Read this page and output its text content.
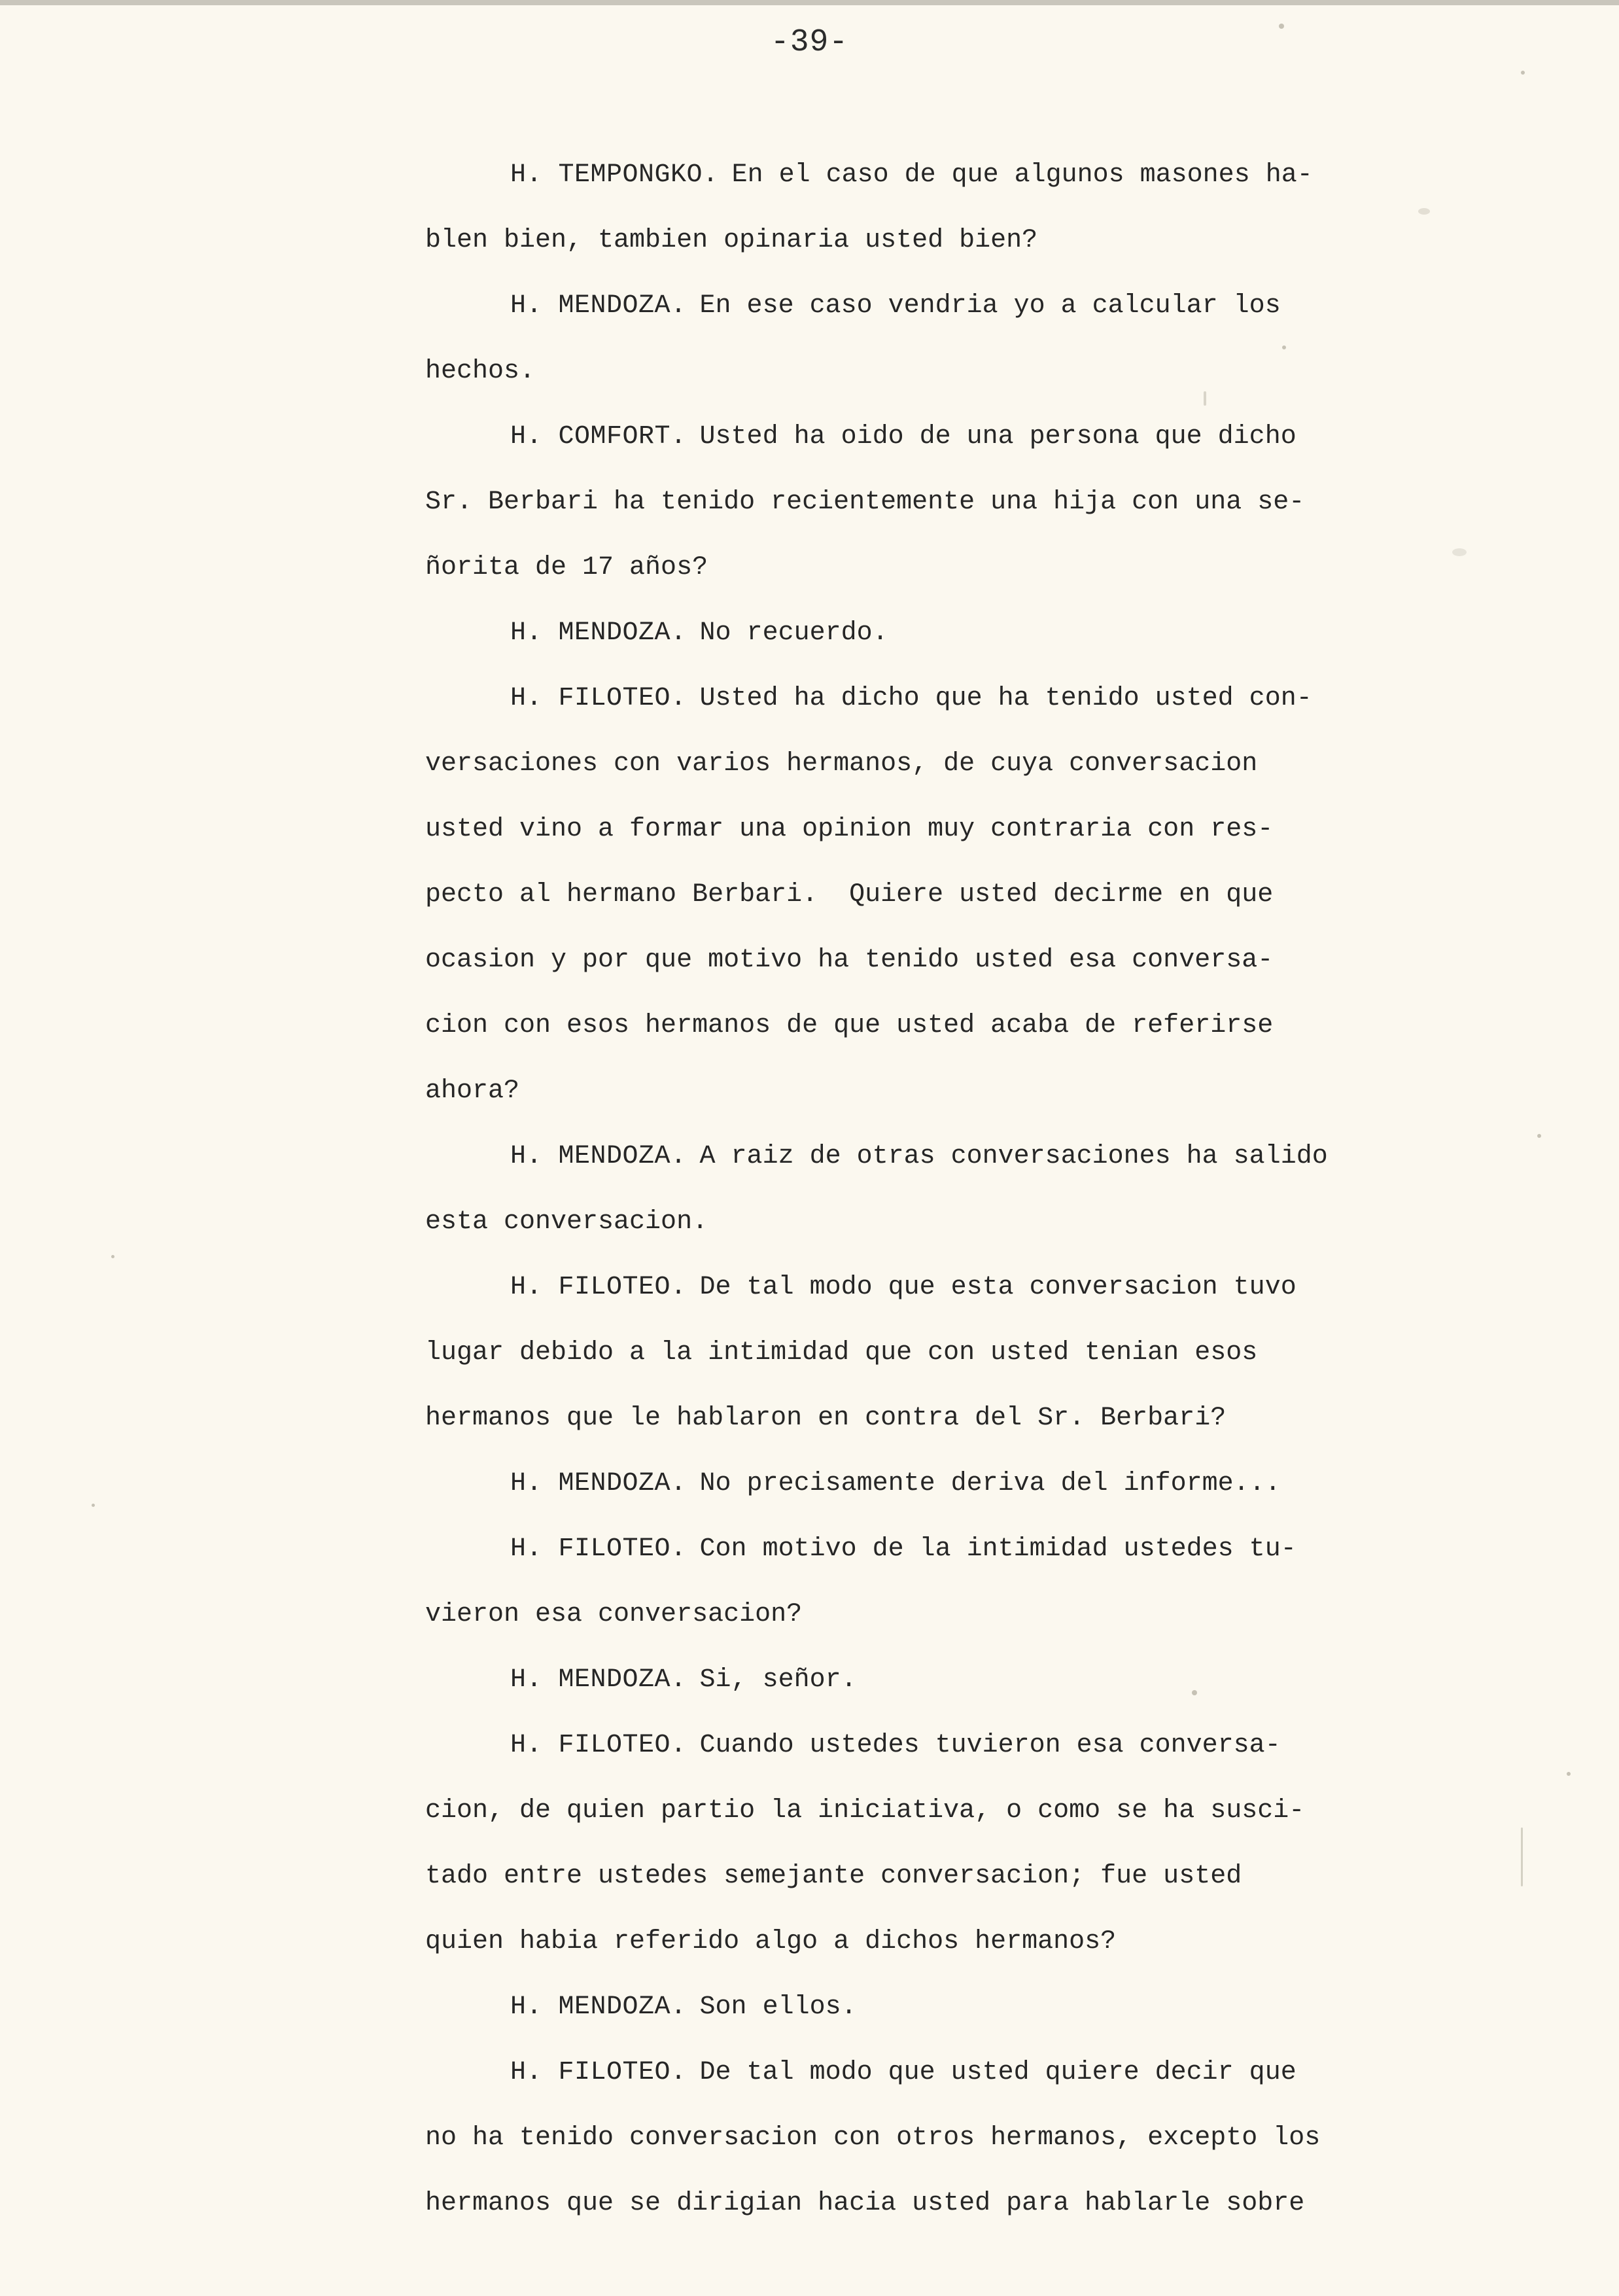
-39-
H. TEMPONGKO. En el caso de que algunos masones ha-
blen bien, tambien opinaria usted bien?
H. MENDOZA. En ese caso vendria yo a calcular los
hechos.
H. COMFORT. Usted ha oido de una persona que dicho
Sr. Berbari ha tenido recientemente una hija con una se-
ñorita de 17 años?
H. MENDOZA. No recuerdo.
H. FILOTEO. Usted ha dicho que ha tenido usted con-
versaciones con varios hermanos, de cuya conversacion
usted vino a formar una opinion muy contraria con res-
pecto al hermano Berbari.  Quiere usted decirme en que
ocasion y por que motivo ha tenido usted esa conversa-
cion con esos hermanos de que usted acaba de referirse
ahora?
H. MENDOZA. A raiz de otras conversaciones ha salido
esta conversacion.
H. FILOTEO. De tal modo que esta conversacion tuvo
lugar debido a la intimidad que con usted tenian esos
hermanos que le hablaron en contra del Sr. Berbari?
H. MENDOZA. No precisamente deriva del informe...
H. FILOTEO. Con motivo de la intimidad ustedes tu-
vieron esa conversacion?
H. MENDOZA. Si, señor.
H. FILOTEO. Cuando ustedes tuvieron esa conversa-
cion, de quien partio la iniciativa, o como se ha susci-
tado entre ustedes semejante conversacion; fue usted
quien habia referido algo a dichos hermanos?
H. MENDOZA. Son ellos.
H. FILOTEO. De tal modo que usted quiere decir que
no ha tenido conversacion con otros hermanos, excepto los
hermanos que se dirigian hacia usted para hablarle sobre
